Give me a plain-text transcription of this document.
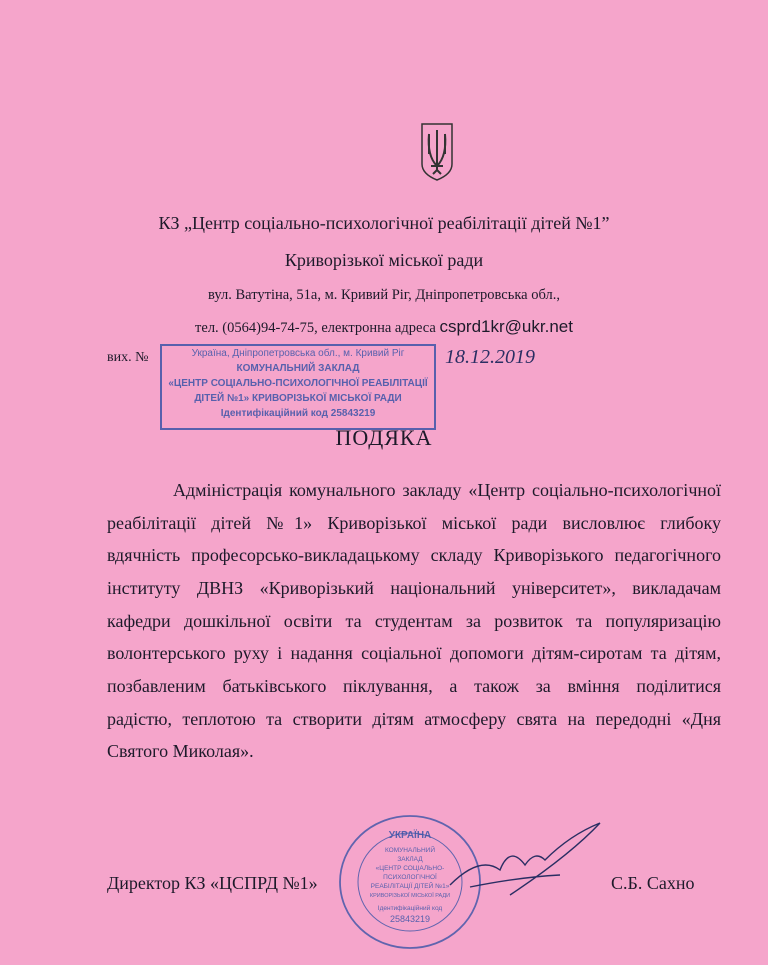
КЗ „Центр соціально-психологічної реабілітації дітей №1”
Криворізької міської ради
вул. Ватутіна, 51а, м. Кривий Ріг, Дніпропетровська обл.,
тел. (0564)94-74-75, електронна адреса csprd1kr@ukr.net
вих. №	Україна, Дніпропетровська обл., м. Кривий Ріг
КОМУНАЛЬНИЙ ЗАКЛАД
«ЦЕНТР СОЦІАЛЬНО-ПСИХОЛОГІЧНОЇ РЕАБІЛІТАЦІЇ
ДІТЕЙ №1» КРИВОРІЗЬКОЇ МІСЬКОЇ РАДИ
Ідентифікаційний код 25843219
18.12.2019
ПОДЯКА
Адміністрація комунального закладу «Центр соціально-психологічної
реабілітації дітей №1» Криворізької міської ради висловлює глибоку
вдячність професорсько-викладацькому складу Криворізького педагогічного
інституту ДВНЗ «Криворізький національний університет», викладачам
кафедри дошкільної освіти та студентам за розвиток та популяризацію
волонтерського руху і надання соціальної допомоги дітям-сиротам та дітям,
позбавленим батьківського піклування, а також за вміння поділитися
радістю, теплотою та створити дітям атмосферу свята на передодні «Дня
Святого Миколая».
Директор КЗ «ЦСПРД №1»	С.Б. Сахно
УКРАЇНА
КОМУНАЛЬНИЙ
ЗАКЛАД
«ЦЕНТР СОЦІАЛЬНО-
ПСИХОЛОГІЧНОЇ
РЕАБІЛІТАЦІЇ ДІТЕЙ №1»
КРИВОРІЗЬКОЇ МІСЬКОЇ РАДИ
Ідентифікаційний код
25843219
